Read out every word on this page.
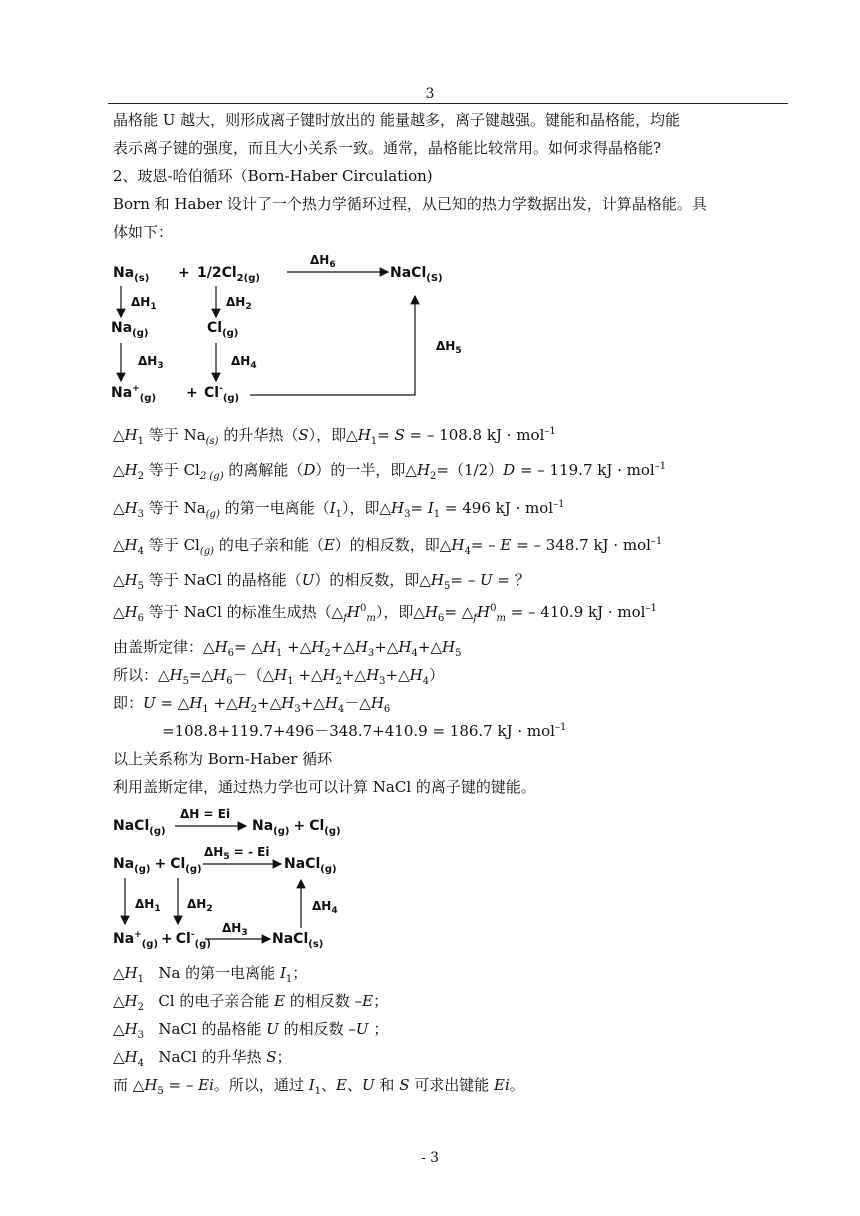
3
晶格能 U 越大，则形成离子键时放出的 能量越多，离子键越强。键能和晶格能，均能
表示离子键的强度，而且大小关系一致。通常，晶格能比较常用。如何求得晶格能?
2、玻恩-哈伯循环（Born-Haber Circulation)
Born 和 Haber 设计了一个热力学循环过程，从已知的热力学数据出发，计算晶格能。具
体如下：
$Na_{(s)} + 1/2Cl_{2(g)}$
$\Delta H_6$	NaCl$_{(S)}$
$\Delta H_1$	$\Delta H_2$
$Na_{(g)}$	$Cl_{(g)}$
$\Delta H_3$	$\Delta H_4$
$Na^+_{(g)} + Cl^-_{(g)}$
$\Delta H_5$
NaCl$_{(g)}$
ΔH = Ei
$Na_{(g)} + Cl_{(g)}$
$Na_{(g)} + Cl_{(g)}$
$\Delta H_5$ = - Ei
NaCl$_{(g)}$
$\Delta H_1$ $\Delta H_2$	$\Delta H_4$
$Na^+_{(g)} + Cl^-_{(g)}$
$\Delta H_3$ NaCl$_{(s)}$
$\triangle H_1$ 等于 $Na_{(s)}$ 的升华热（S），即$\triangle H_1= S$ = – 108.8 kJ · mol$^{-1}$
$\triangle H_2$ 等于 $Cl_{2 (g)}$ 的离解能（D）的一半，即$\triangle H_2=(1/2)D$ = – 119.7 kJ · mol$^{-1}$
$\triangle H_3$ 等于 $Na_{(g)}$ 的第一电离能$(I_1)$，即$\triangle H_3= I_1 = 496$ kJ · mol$^{-1}$
$\triangle H_4$ 等于 $Cl_{(g)}$ 的电子亲和能（E）的相反数，即$\triangle H_4= - E$ = – 348.7 kJ · mol$^{-1}$
$\triangle H_5$ 等于 NaCl 的晶格能（U）的相反数，即$\triangle H_5= - U$ = ？
$\triangle H_6$ 等于 NaCl 的标准生成热$(\triangle_fH^0_m)$，即$\triangle H_6=$ $\triangle_fH^0_m$ = – 410.9 kJ · mol$^{-1}$
由盖斯定律：$\triangle H_6=$ $\triangle H_1$ $+\triangle H_2+\triangle H_3+\triangle H_4+\triangle H_5$
所以：$\triangle H_5=\triangle H_6-(\triangle H_1$ $+\triangle H_2+\triangle H_3+\triangle H_4$）
即：$U = \triangle H_1$ $+\triangle H_2+\triangle H_3+\triangle H_4-\triangle H_6$
=108.8+119.7+496－348.7+410.9 = 186.7 kJ · mol$^{-1}$
以上关系称为 Born-Haber 循环
利用盖斯定律，通过热力学也可以计算 NaCl 的离子键的键能。
$\triangle H_1$ Na 的第一电离能 $I_1$；
$\triangle H_2$ Cl 的电子亲合能 E 的相反数 –E；
$\triangle H_3$ NaCl 的晶格能 U 的相反数 –U ；
$\triangle H_4$ NaCl 的升华热 S；
而 $\triangle H_5$ = – Ei。所以，通过 $I_1$、E、U 和 S 可求出键能 Ei。
- 3
